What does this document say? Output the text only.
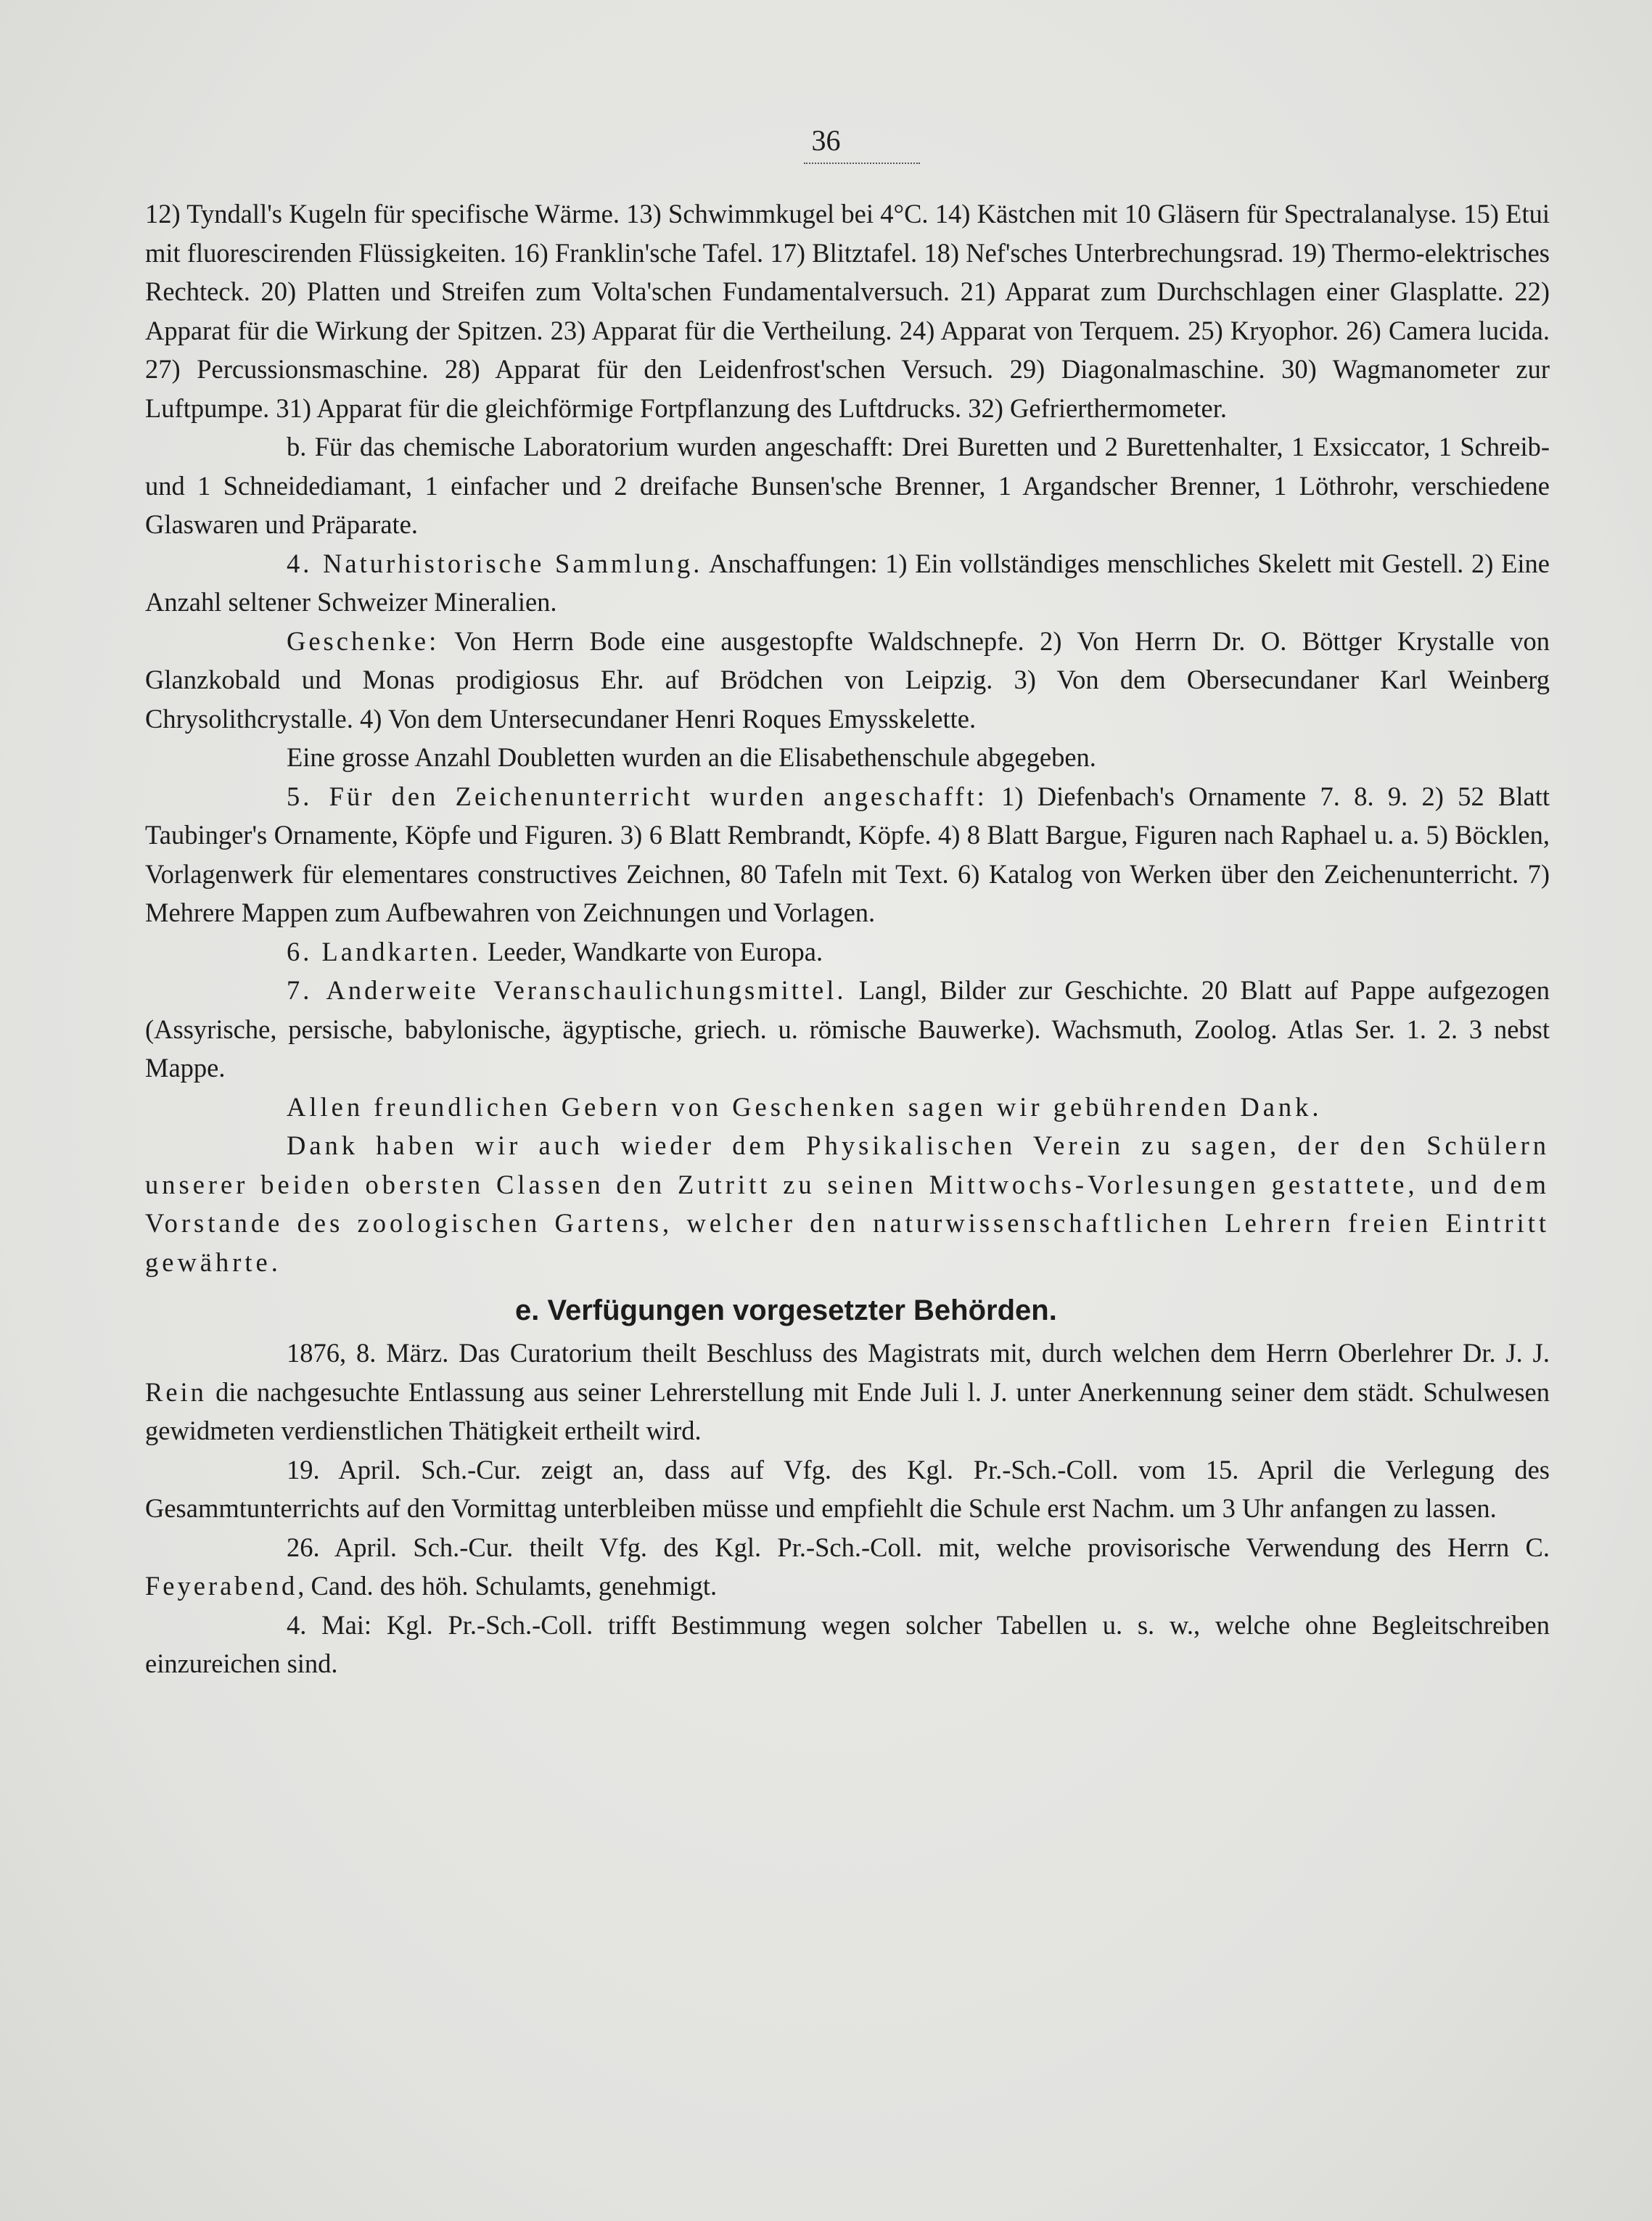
36

12) Tyndall's Kugeln für specifische Wärme. 13) Schwimmkugel bei 4°C. 14) Kästchen mit 10 Gläsern für Spectralanalyse. 15) Etui mit fluorescirenden Flüssigkeiten. 16) Franklin'sche Tafel. 17) Blitztafel. 18) Nef'sches Unterbrechungsrad. 19) Thermo-elektrisches Rechteck. 20) Platten und Streifen zum Volta'schen Fundamentalversuch. 21) Apparat zum Durchschlagen einer Glasplatte. 22) Apparat für die Wirkung der Spitzen. 23) Apparat für die Vertheilung. 24) Apparat von Terquem. 25) Kryophor. 26) Camera lucida. 27) Percussionsmaschine. 28) Apparat für den Leidenfrost'schen Versuch. 29) Diagonalmaschine. 30) Wagmanometer zur Luftpumpe. 31) Apparat für die gleichförmige Fortpflanzung des Luftdrucks. 32) Gefrierthermometer.

b. Für das chemische Laboratorium wurden angeschafft: Drei Buretten und 2 Burettenhalter, 1 Exsiccator, 1 Schreib- und 1 Schneidediamant, 1 einfacher und 2 dreifache Bunsen'sche Brenner, 1 Argandscher Brenner, 1 Löthrohr, verschiedene Glaswaren und Präparate.

4. Naturhistorische Sammlung. Anschaffungen: 1) Ein vollständiges menschliches Skelett mit Gestell. 2) Eine Anzahl seltener Schweizer Mineralien.

Geschenke: Von Herrn Bode eine ausgestopfte Waldschnepfe. 2) Von Herrn Dr. O. Böttger Krystalle von Glanzkobald und Monas prodigiosus Ehr. auf Brödchen von Leipzig. 3) Von dem Obersecundaner Karl Weinberg Chrysolithcrystalle. 4) Von dem Untersecundaner Henri Roques Emysskelette.

Eine grosse Anzahl Doubletten wurden an die Elisabethenschule abgegeben.

5. Für den Zeichenunterricht wurden angeschafft: 1) Diefenbach's Ornamente 7. 8. 9. 2) 52 Blatt Taubinger's Ornamente, Köpfe und Figuren. 3) 6 Blatt Rembrandt, Köpfe. 4) 8 Blatt Bargue, Figuren nach Raphael u. a. 5) Böcklen, Vorlagenwerk für elementares constructives Zeichnen, 80 Tafeln mit Text. 6) Katalog von Werken über den Zeichenunterricht. 7) Mehrere Mappen zum Aufbewahren von Zeichnungen und Vorlagen.

6. Landkarten. Leeder, Wandkarte von Europa.

7. Anderweite Veranschaulichungsmittel. Langl, Bilder zur Geschichte. 20 Blatt auf Pappe aufgezogen (Assyrische, persische, babylonische, ägyptische, griech. u. römische Bauwerke). Wachsmuth, Zoolog. Atlas Ser. 1. 2. 3 nebst Mappe.

Allen freundlichen Gebern von Geschenken sagen wir gebührenden Dank.

Dank haben wir auch wieder dem Physikalischen Verein zu sagen, der den Schülern unserer beiden obersten Classen den Zutritt zu seinen Mittwochs-Vorlesungen gestattete, und dem Vorstande des zoologischen Gartens, welcher den naturwissenschaftlichen Lehrern freien Eintritt gewährte.

e. Verfügungen vorgesetzter Behörden.

1876, 8. März. Das Curatorium theilt Beschluss des Magistrats mit, durch welchen dem Herrn Oberlehrer Dr. J. J. Rein die nachgesuchte Entlassung aus seiner Lehrerstellung mit Ende Juli l. J. unter Anerkennung seiner dem städt. Schulwesen gewidmeten verdienstlichen Thätigkeit ertheilt wird.

19. April. Sch.-Cur. zeigt an, dass auf Vfg. des Kgl. Pr.-Sch.-Coll. vom 15. April die Verlegung des Gesammtunterrichts auf den Vormittag unterbleiben müsse und empfiehlt die Schule erst Nachm. um 3 Uhr anfangen zu lassen.

26. April. Sch.-Cur. theilt Vfg. des Kgl. Pr.-Sch.-Coll. mit, welche provisorische Verwendung des Herrn C. Feyerabend, Cand. des höh. Schulamts, genehmigt.

4. Mai: Kgl. Pr.-Sch.-Coll. trifft Bestimmung wegen solcher Tabellen u. s. w., welche ohne Begleitschreiben einzureichen sind.
